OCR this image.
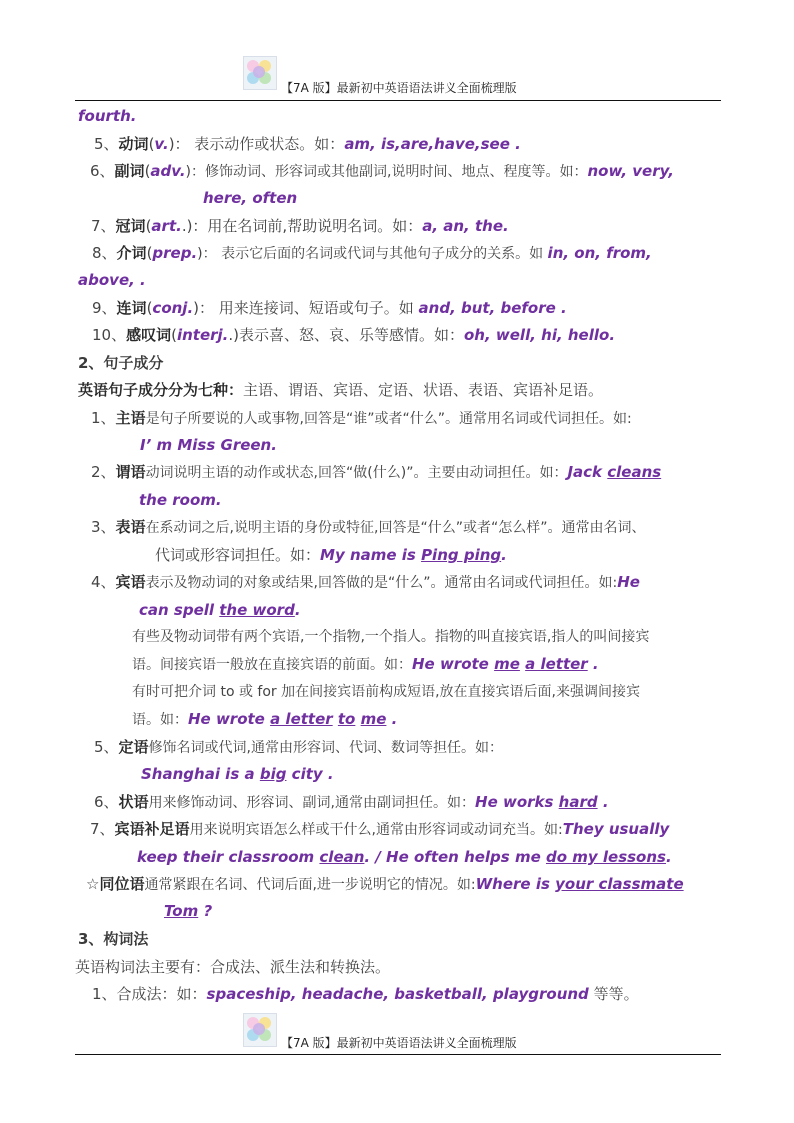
【7A 版】最新初中英语语法讲义全面梳理版
fourth.
5、动词(v.)： 表示动作或状态。如：am, is,are,have,see .
6、副词(adv.)：修饰动词、形容词或其他副词,说明时间、地点、程度等。如：now, very,
here, often
7、冠词(art..)：用在名词前,帮助说明名词。如：a, an, the.
8、介词(prep.)： 表示它后面的名词或代词与其他句子成分的关系。如 in, on, from,
above, .
9、连词(conj.)： 用来连接词、短语或句子。如 and, but, before .
10、感叹词(interj..)表示喜、怒、哀、乐等感情。如：oh, well, hi, hello.
2、句子成分
英语句子成分分为七种：主语、谓语、宾语、定语、状语、表语、宾语补足语。
1、主语是句子所要说的人或事物,回答是“谁”或者“什么”。通常用名词或代词担任。如:
I’ m Miss Green.
2、谓语动词说明主语的动作或状态,回答“做(什么)”。主要由动词担任。如：Jack cleans
the room.
3、表语在系动词之后,说明主语的身份或特征,回答是“什么”或者“怎么样”。通常由名词、
代词或形容词担任。如：My name is Ping ping.
4、宾语表示及物动词的对象或结果,回答做的是“什么”。通常由名词或代词担任。如:He
can spell the word.
有些及物动词带有两个宾语,一个指物,一个指人。指物的叫直接宾语,指人的叫间接宾
语。间接宾语一般放在直接宾语的前面。如：He wrote me a letter .
有时可把介词 to 或 for 加在间接宾语前构成短语,放在直接宾语后面,来强调间接宾
语。如：He wrote a letter to me .
5、定语修饰名词或代词,通常由形容词、代词、数词等担任。如：
Shanghai is a big city .
6、状语用来修饰动词、形容词、副词,通常由副词担任。如：He works hard .
7、宾语补足语用来说明宾语怎么样或干什么,通常由形容词或动词充当。如:They usually
keep their classroom clean. / He often helps me do my lessons.
☆同位语通常紧跟在名词、代词后面,进一步说明它的情况。如:Where is your classmate
Tom ?
3、构词法
英语构词法主要有：合成法、派生法和转换法。
1、合成法：如：spaceship, headache, basketball, playground 等等。
【7A 版】最新初中英语语法讲义全面梳理版
